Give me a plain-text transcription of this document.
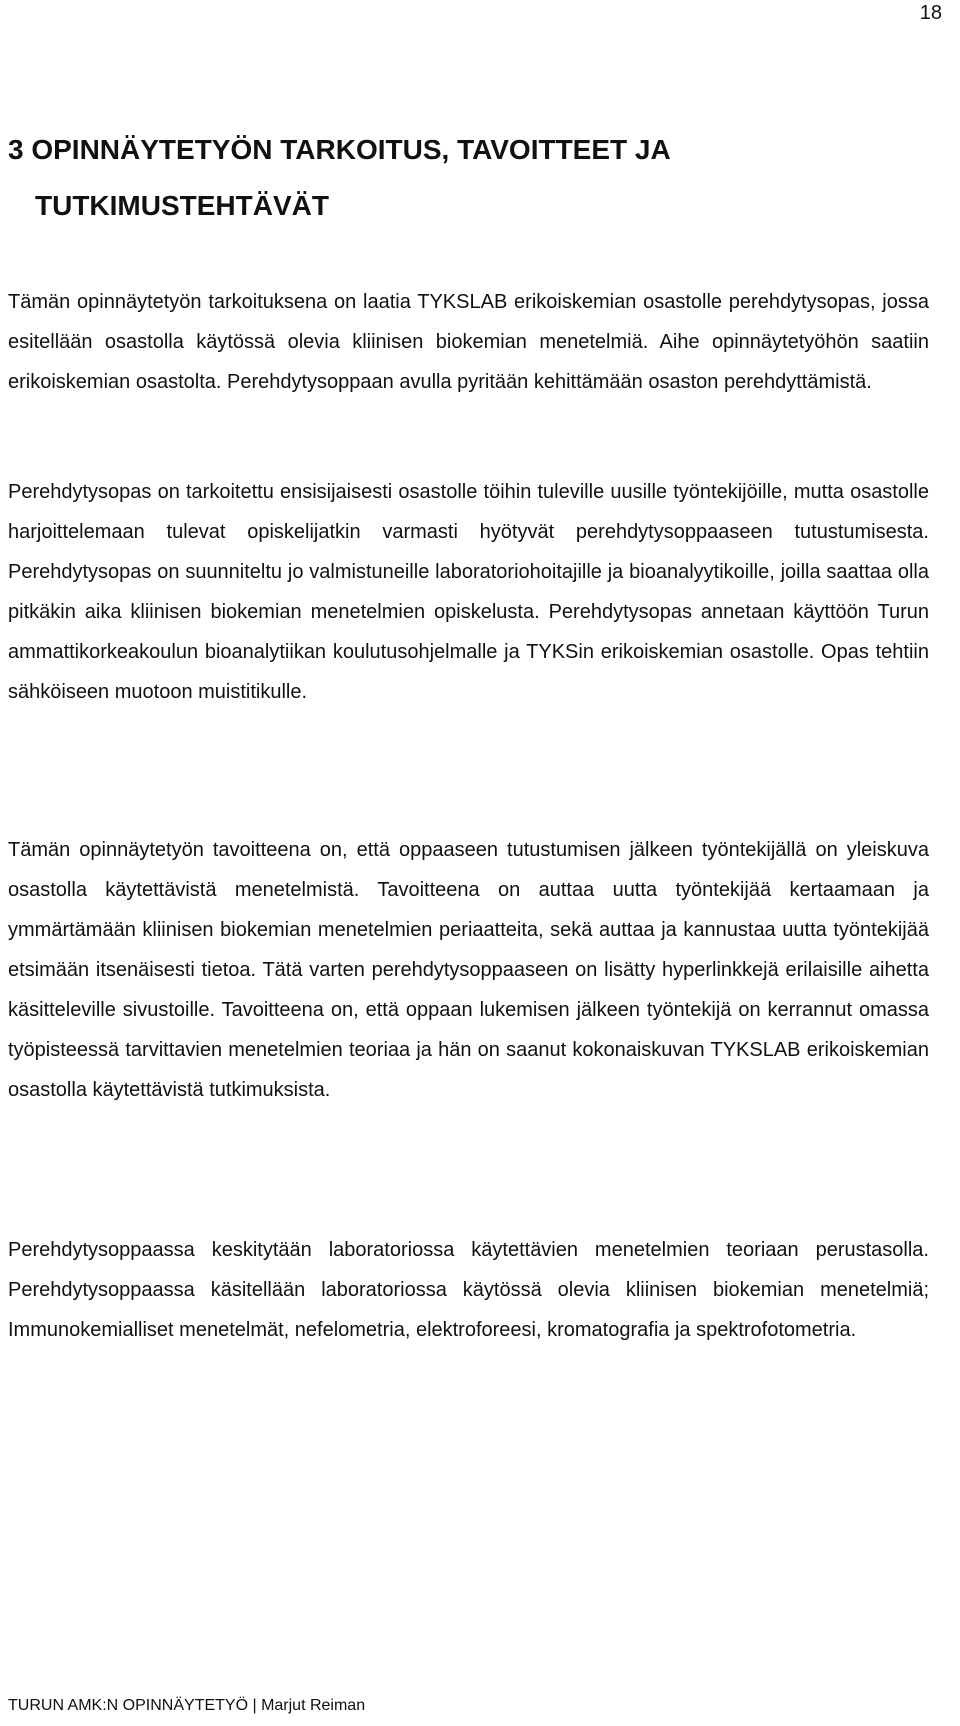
18
3 OPINNÄYTETYÖN TARKOITUS, TAVOITTEET JA
TUTKIMUSTEHTÄVÄT

Tämän opinnäytetyön tarkoituksena on laatia TYKSLAB erikoiskemian osastolle perehdytysopas, jossa esitellään osastolla käytössä olevia kliinisen biokemian menetelmiä. Aihe opinnäytetyöhön saatiin erikoiskemian osastolta. Perehdytysoppaan avulla pyritään kehittämään osaston perehdyttämistä.

Perehdytysopas on tarkoitettu ensisijaisesti osastolle töihin tuleville uusille työntekijöille, mutta osastolle harjoittelemaan tulevat opiskelijatkin varmasti hyötyvät perehdytysoppaaseen tutustumisesta. Perehdytysopas on suunniteltu jo valmistuneille laboratoriohoitajille ja bioanalyytikoille, joilla saattaa olla pitkäkin aika kliinisen biokemian menetelmien opiskelusta. Perehdytysopas annetaan käyttöön Turun ammattikorkeakoulun bioanalytiikan koulutusohjelmalle ja TYKSin erikoiskemian osastolle. Opas tehtiin sähköiseen muotoon muistitikulle.

Tämän opinnäytetyön tavoitteena on, että oppaaseen tutustumisen jälkeen työntekijällä on yleiskuva osastolla käytettävistä menetelmistä. Tavoitteena on auttaa uutta työntekijää kertaamaan ja ymmärtämään kliinisen biokemian menetelmien periaatteita, sekä auttaa ja kannustaa uutta työntekijää etsimään itsenäisesti tietoa. Tätä varten perehdytysoppaaseen on lisätty hyperlinkkejä erilaisille aihetta käsitteleville sivustoille. Tavoitteena on, että oppaan lukemisen jälkeen työntekijä on kerrannut omassa työpisteessä tarvittavien menetelmien teoriaa ja hän on saanut kokonaiskuvan TYKSLAB erikoiskemian osastolla käytettävistä tutkimuksista.

Perehdytysoppaassa keskitytään laboratoriossa käytettävien menetelmien teoriaan perustasolla. Perehdytysoppaassa käsitellään laboratoriossa käytössä olevia kliinisen biokemian menetelmiä; Immunokemialliset menetelmät, nefelometria, elektroforeesi, kromatografia ja spektrofotometria.

TURUN AMK:N OPINNÄYTETYÖ | Marjut Reiman
